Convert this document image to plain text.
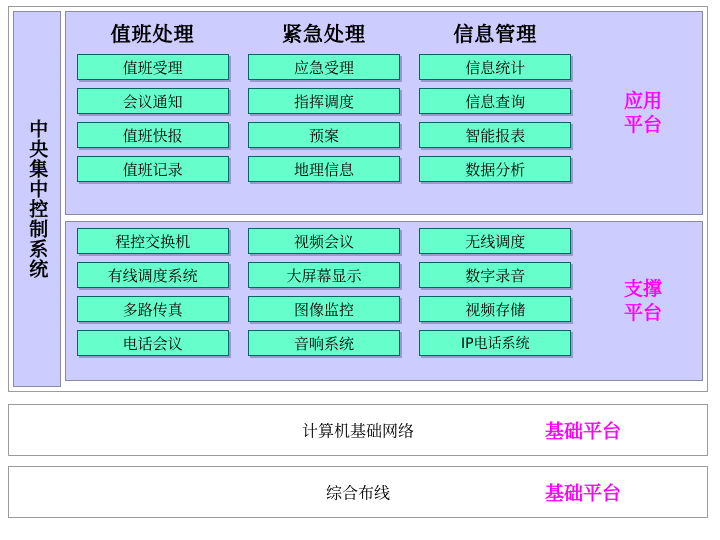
中央集中控制系统
值班处理
值班受理
会议通知
值班快报
值班记录
紧急处理
应急受理
指挥调度
预案
地理信息
信息管理
信息统计
信息查询
智能报表
数据分析
应用
平台
程控交换机
有线调度系统
多路传真
电话会议
视频会议
大屏幕显示
图像监控
音响系统
无线调度
数字录音
视频存储
IP电话系统
支撑
平台
计算机基础网络	基础平台
综合布线	基础平台
